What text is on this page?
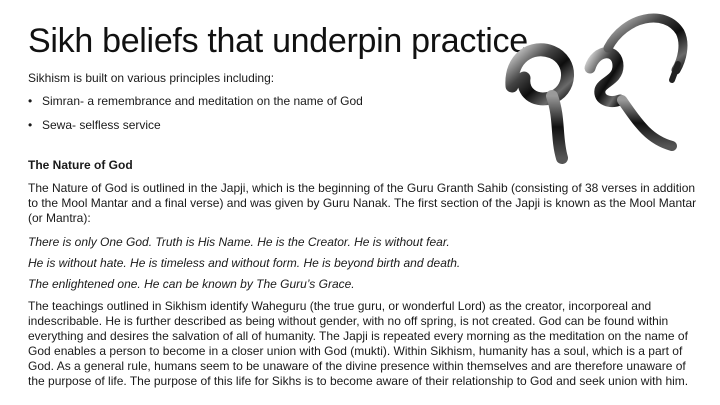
Sikh beliefs that underpin practice
Sikhism is built on various principles including:
• Simran- a remembrance and meditation on the name of God
• Sewa- selfless service
The Nature of God

The Nature of God is outlined in the Japji, which is the beginning of the Guru Granth Sahib (consisting of 38 verses in addition to the Mool Mantar and a final verse) and was given by Guru Nanak. The first section of the Japji is known as the Mool Mantar (or Mantra):

There is only One God. Truth is His Name. He is the Creator. He is without fear.

He is without hate. He is timeless and without form. He is beyond birth and death.

The enlightened one. He can be known by The Guru’s Grace.

The teachings outlined in Sikhism identify Waheguru (the true guru, or wonderful Lord) as the creator, incorporeal and indescribable. He is further described as being without gender, with no off spring, is not created. God can be found within everything and desires the salvation of all of humanity. The Japji is repeated every morning as the meditation on the name of God enables a person to become in a closer union with God (mukti). Within Sikhism, humanity has a soul, which is a part of God. As a general rule, humans seem to be unaware of the divine presence within themselves and are therefore unaware of the purpose of life. The purpose of this life for Sikhs is to become aware of their relationship to God and seek union with him.
